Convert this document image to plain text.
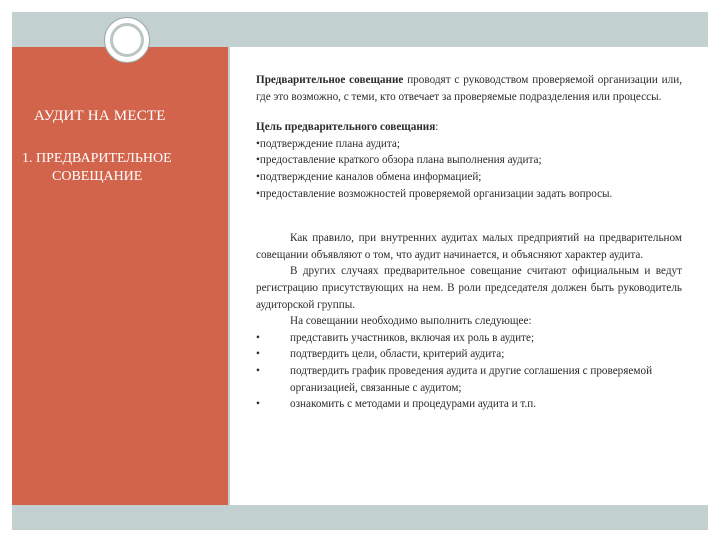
АУДИТ НА МЕСТЕ
1. ПРЕДВАРИТЕЛЬНОЕ
СОВЕЩАНИЕ

Предварительное совещание проводят с руководством проверяемой организации или, где это возможно, с теми, кто отвечает за проверяемые подразделения или процессы.

Цель предварительного совещания:

•подтверждение плана аудита;

•предоставление краткого обзора плана выполнения аудита;

•подтверждение каналов обмена информацией;

•предоставление возможностей проверяемой организации задать вопросы.

Как правило, при внутренних аудитах малых предприятий на предварительном совещании объявляют о том, что аудит начинается, и объясняют характер аудита.

В других случаях предварительное совещание считают официальным и ведут регистрацию присутствующих на нем. В роли председателя должен быть руководитель аудиторской группы.

На совещании необходимо выполнить следующее:

•	представить участников, включая их роль в аудите;
•	подтвердить цели, области, критерий аудита;
•	подтвердить график проведения аудита и другие соглашения с проверяемой организацией, связанные с аудитом;
•	ознакомить с методами и процедурами аудита и т.п.
